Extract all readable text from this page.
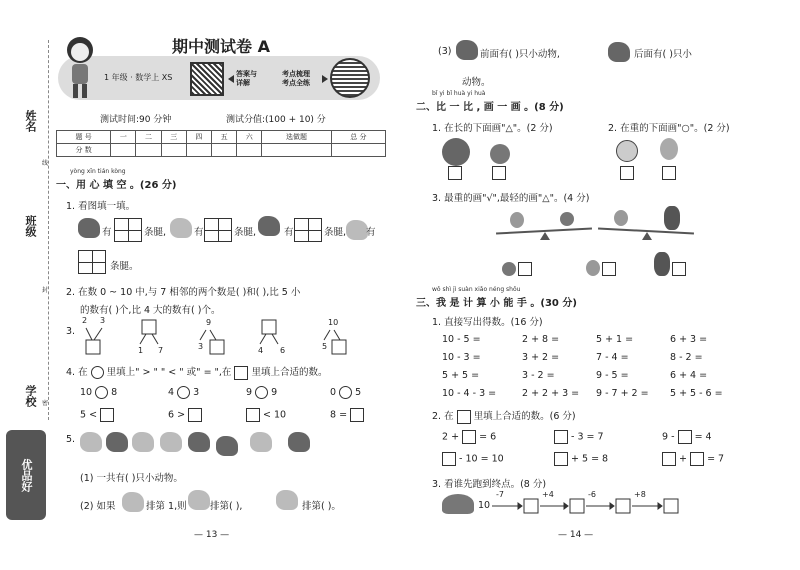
姓名
班级
学校
线
封
密
优品好
期中测试卷 A
1 年级 · 数学上 XS	答案与
详解
考点梳理
考点全练
测试时间:90 分钟	测试分值:(100 + 10) 分
题 号	一	二	三	四	五	六	选做题	总 分
分 数								
yòng xīn tián kòng
一、用 心 填 空 。(26 分)
1. 看图填一填。
有	条腿,	有	条腿,	有	条腿, 有
条腿。
2. 在数 0 ~ 10 中,与 7 相邻的两个数是( )和( ),比 5 小
的数有( )个,比 4 大的数有( )个。
3.
2 3	9	10
1 7	3	4 6	5
4. 在 里填上" > " " < " 或" = ",在 里填上合适的数。
10 8	4 3	9 9	0 5
5 <	6 >	< 10	8 =
5.
(1) 一共有( )只小动物。
(2) 如果	排第 1,则 排第( ),	排第( )。
— 13 —
(3)	前面有( )只小动物,	后面有( )只小
动物。
bǐ yi bǐ huà yi huà
二、比 一 比 , 画 一 画 。(8 分)
1. 在长的下面画"△"。(2 分)	2. 在重的下面画"○"。(2 分)
3. 最重的画"√",最轻的画"△"。(4 分)
wǒ shì jì suàn xiǎo néng shǒu
三、我 是 计 算 小 能 手 。(30 分)
1. 直接写出得数。(16 分)
10 - 5 =	2 + 8 =	5 + 1 =	6 + 3 =
10 - 3 =	3 + 2 =	7 - 4 =	8 - 2 =
5 + 5 =	3 - 2 =	9 - 5 =	6 + 4 =
10 - 4 - 3 =	2 + 2 + 3 = 9 - 7 + 2 = 5 + 5 - 6 =
2. 在 里填上合适的数。(6 分)
2 + = 6	- 3 = 7	9 - = 4
- 10 = 10	+ 5 = 8	+ = 7
3. 看谁先跑到终点。(8 分)
10
-7	+4	-6	+8
— 14 —
